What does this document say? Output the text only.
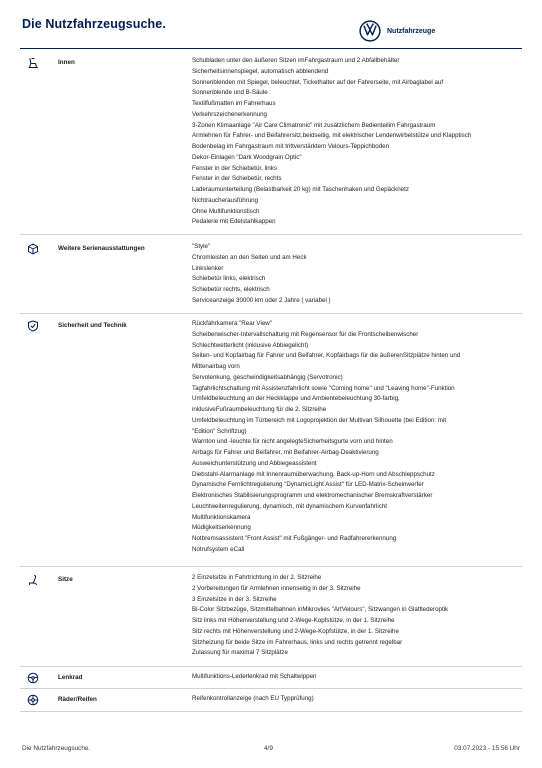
Die Nutzfahrzeugsuche.	Nutzfahrzeuge
Innen	Schubladen unter den äußeren Sitzen imFahrgastraum und 2 Abfallbehälter
Sicherheitsinnenspiegel, automatisch abblendend
Sonnenblenden mit Spiegel, beleuchtet, Tickethalter auf der Fahrerseite, mit Airbaglabel auf
Sonnenblende und B-Säule
Textilfußmatten im Fahrerhaus
Verkehrszeichenerkennung
3-Zonen Klimaanlage "Air Care Climatronic" mit zusätzlichem Bedienteilim Fahrgastraum
Armlehnen für Fahrer- und Beifahrersitz,beidseitig, mit elektrischer Lendenwirbelstütze und Klapptisch
Bodenbelag im Fahrgastraum mit trittverstärktem Velours-Teppichboden
Dekor-Einlagen "Dark Woodgrain Optic"
Fenster in der Schiebetür, links
Fenster in der Schiebetür, rechts
Laderaumunterteilung (Belastbarkeit 20 kg) mit Taschenhaken und Gepäcknetz
Nichtraucherausführung
Ohne Multifunktionstisch
Pedalerie mit Edelstahlkappen
Weitere Serienausstattungen	"Style"
Chromleisten an den Seiten und am Heck
Linkslenker
Schiebetür links, elektrisch
Schiebetür rechts, elektrisch
Serviceanzeige 30000 km oder 2 Jahre ( variabel )
Sicherheit und Technik	Rückfahrkamera "Rear View"
Scheibenwischer-Intervallschaltung mit Regensensor für die Frontscheibenwischer
Schlechtwetterlicht (inklusive Abbiegelicht)
Seiten- und Kopfairbag für Fahrer und Beifahrer, Kopfairbags für die äußerenSitzplätze hinten und
Mittenairbag vorn
Servolenkung, geschwindigkeitsabhängig (Servotronic)
Tagfahrlichtschaltung mit Assistenzfahrlicht sowie "Coming home" und "Leaving home"-Funktion
Umfeldbeleuchtung an der Heckklappe und Ambientebeleuchtung 30-farbig,
inklusiveFußraumbeleuchtung für die 2. Sitzreihe
Umfeldbeleuchtung im Türbereich mit Logoprojektion der Multivan Silhouette (bei Edition: mit
"Edition" Schriftzug)
Warnton und -leuchte für nicht angelegteSicherheitsgurte vorn und hinten
Airbags für Fahrer und Beifahrer, mit Beifahrer-Airbag-Deaktivierung
Ausweichunterstützung und Abbiegeassistent
Diebstahl-Alarmanlage mit Innenraumüberwachung, Back-up-Horn und Abschleppschutz
Dynamische Fernlichtregulierung "DynamicLight Assist" für LED-Matrix-Scheinwerfer
Elektronisches Stabilisierungsprogramm und elektromechanischer Bremskraftverstärker
Leuchtweitenregulierung, dynamisch, mit dynamischem Kurvenfahrlicht
Multifunktionskamera
Müdigkeitserkennung
Notbremsassistent "Front Assist" mit Fußgänger- und Radfahrererkennung
Notrufsystem eCall
Sitze	2 Einzelsitze in Fahrtrichtung in der 2. Sitzreihe
2 Vorbereitungen für Armlehnen innenseitig in der 3. Sitzreihe
3 Einzelsitze in der 3. Sitzreihe
Bi-Color Sitzbezüge, Sitzmittelbahnen inMikrovlies "ArtVelours", Sitzwangen in Glattlederoptik
Sitz links mit Höhenverstellung und 2-Wege-Kopfstütze, in der 1. Sitzreihe
Sitz rechts mit Höhenverstellung und 2-Wege-Kopfstütze, in der 1. Sitzreihe
Sitzheizung für beide Sitze im Fahrerhaus, links und rechts getrennt regelbar
Zulassung für maximal 7 Sitzplätze
Lenkrad	Multifunktions-Lederlenkrad mit Schaltwippen
Räder/Reifen	Reifenkontrollanzeige (nach EU Typprüfung)
Die Nutzfahrzeugsuche.	4/9	03.07.2023 - 15:56 Uhr
